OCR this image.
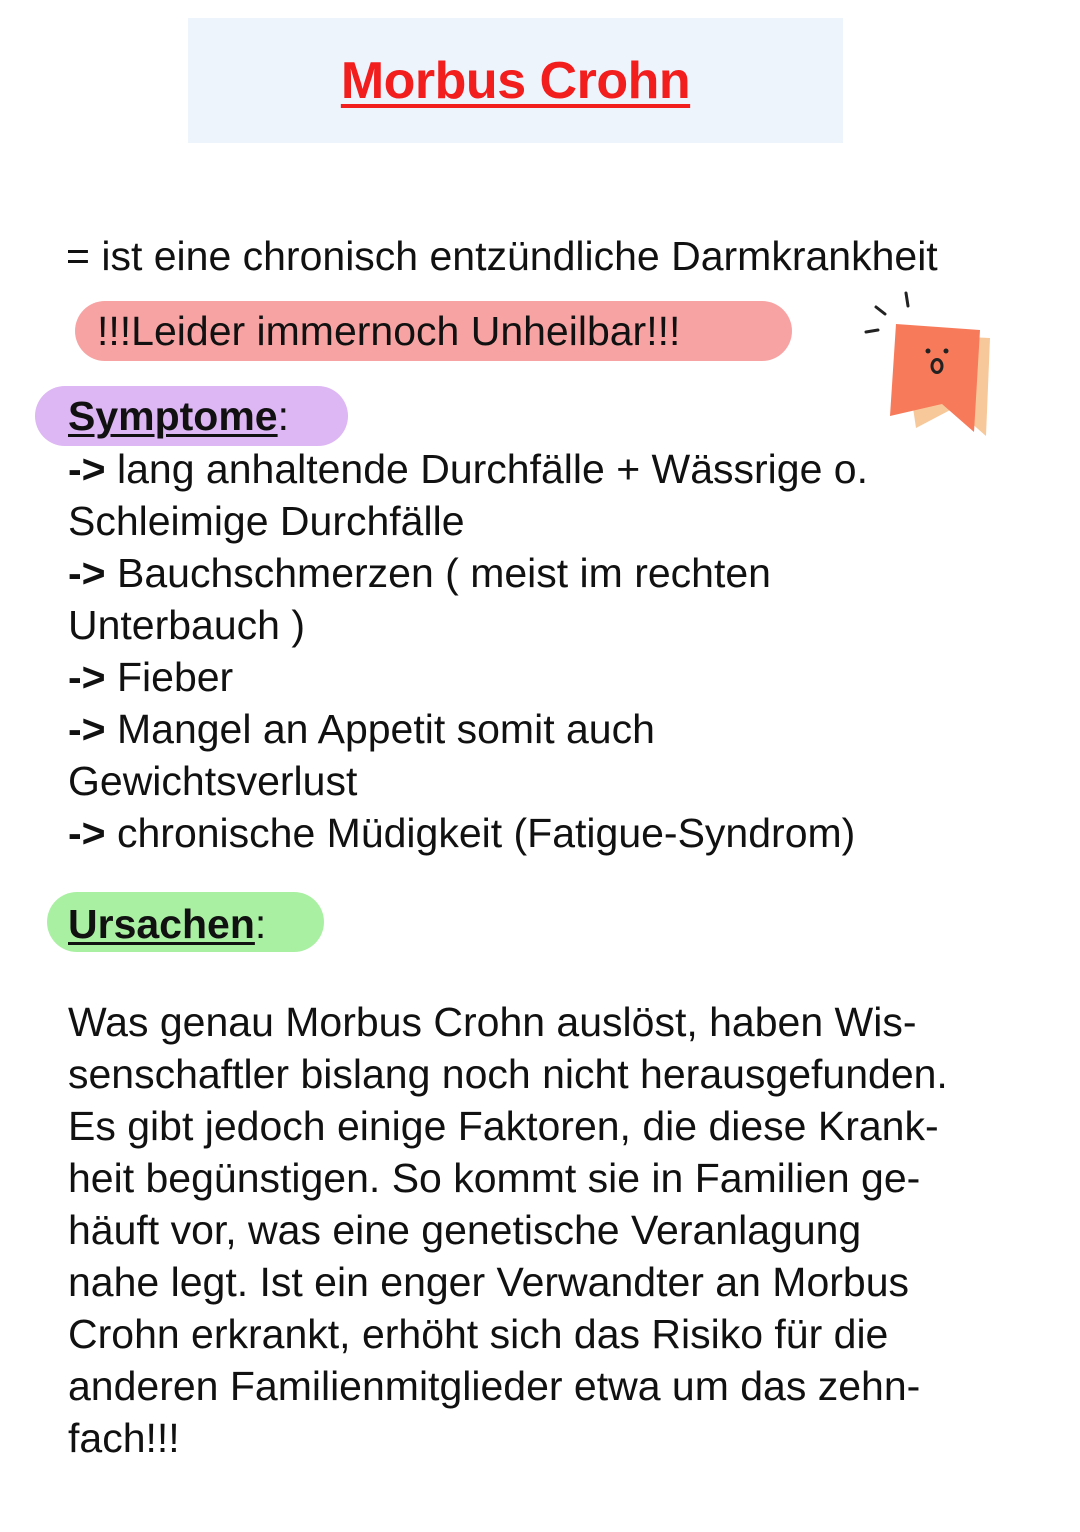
Morbus Crohn
= ist eine chronisch entzündliche Darmkrankheit
!!!Leider immernoch Unheilbar!!!
Symptome:
-> lang anhaltende Durchfälle + Wässrige o.
Schleimige Durchfälle
-> Bauchschmerzen ( meist im rechten
Unterbauch )
-> Fieber
-> Mangel an Appetit somit auch
Gewichtsverlust
-> chronische Müdigkeit (Fatigue-Syndrom)
Ursachen:

Was genau Morbus Crohn auslöst, haben Wis-
senschaftler bislang noch nicht herausgefunden.
Es gibt jedoch einige Faktoren, die diese Krank-
heit begünstigen. So kommt sie in Familien ge-
häuft vor, was eine genetische Veranlagung
nahe legt. Ist ein enger Verwandter an Morbus
Crohn erkrankt, erhöht sich das Risiko für die
anderen Familienmitglieder etwa um das zehn-
fach!!!
